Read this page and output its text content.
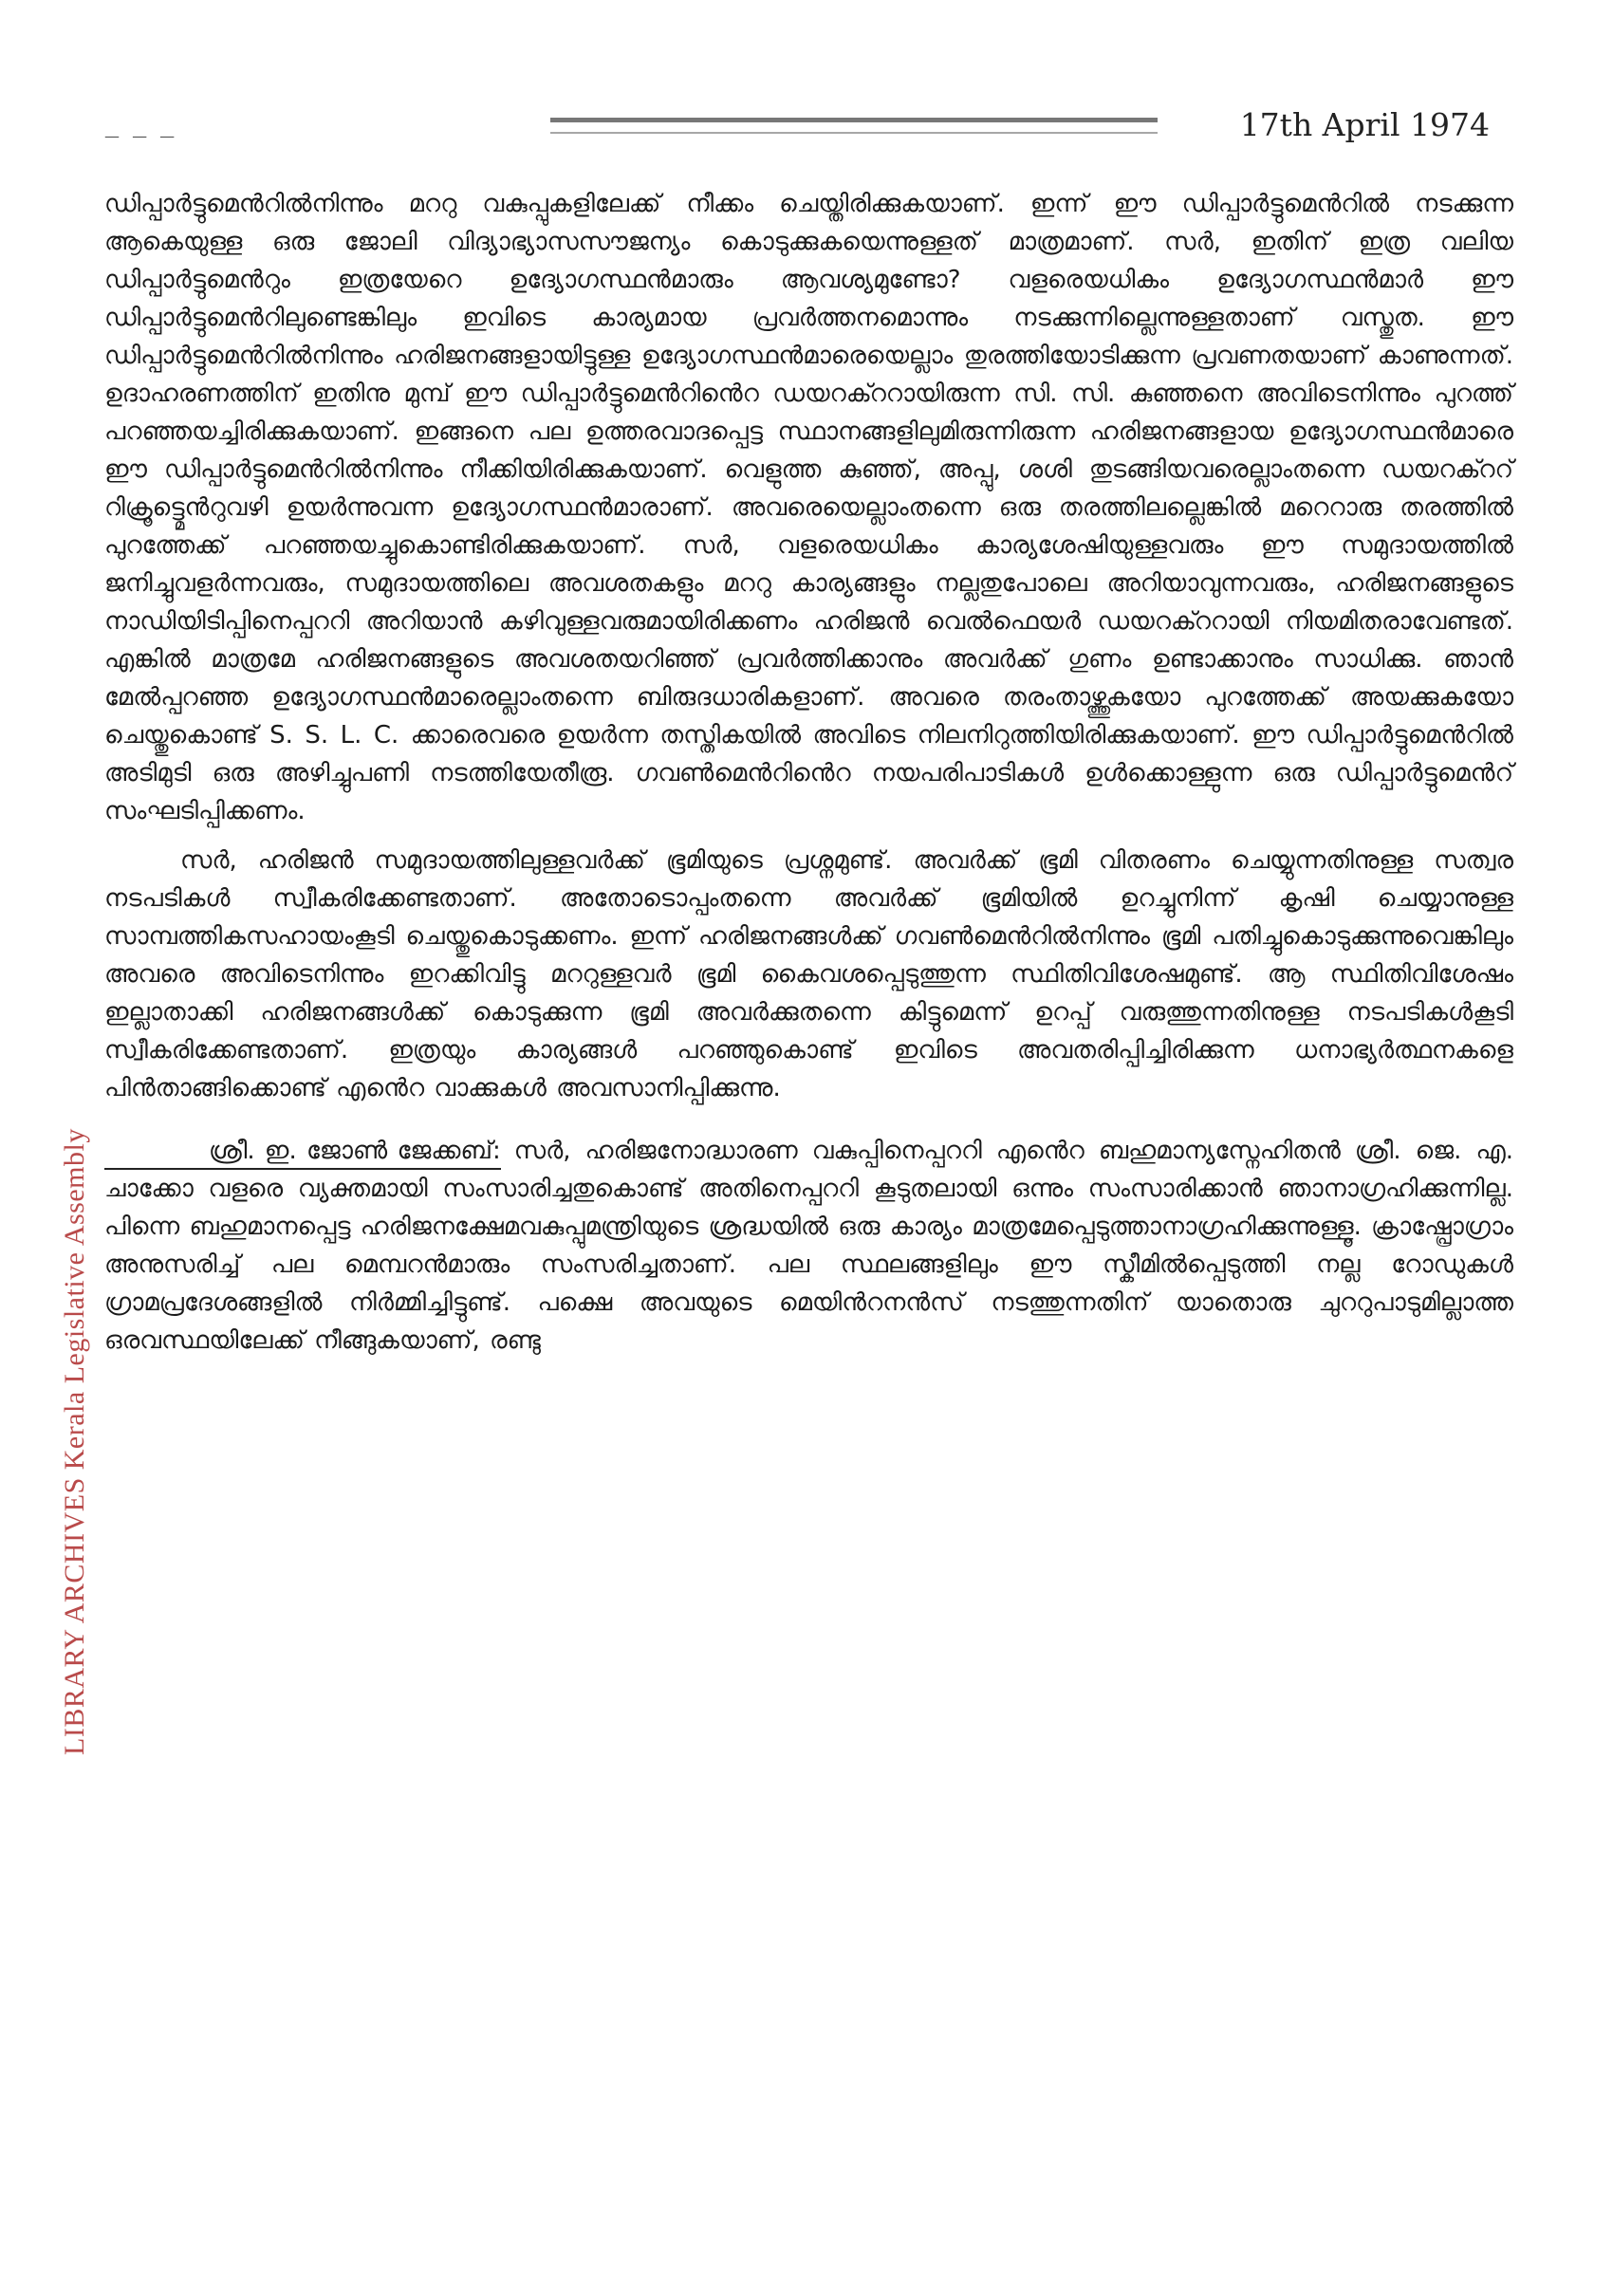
— — —	17th April 1974
LIBRARY ARCHIVES Kerala Legislative Assembly

ഡിപ്പാർട്ടുമെൻറിൽനിന്നും മററു വകുപ്പുകളിലേക്ക് നീക്കം ചെയ്തിരിക്കുകയാണ്. ഇന്ന് ഈ ഡിപ്പാർട്ടുമെൻറിൽ നടക്കുന്ന ആകെയുള്ള ഒരു ജോലി വിദ്യാഭ്യാസസൗജന്യം കൊടുക്കുകയെന്നുള്ളത് മാത്രമാണ്. സർ, ഇതിന് ഇത്ര വലിയ ഡിപ്പാർട്ടുമെൻറും ഇത്രയേറെ ഉദ്യോഗസ്ഥൻമാരും ആവശ്യമുണ്ടോ? വളരെയധികം ഉദ്യോഗസ്ഥൻമാർ ഈ ഡിപ്പാർട്ടുമെൻറിലുണ്ടെങ്കിലും ഇവിടെ കാര്യമായ പ്രവർത്തനമൊന്നും നടക്കുന്നില്ലെന്നുള്ളതാണ് വസ്തുത. ഈ ഡിപ്പാർട്ടുമെൻറിൽനിന്നും ഹരിജനങ്ങളായിട്ടുള്ള ഉദ്യോഗസ്ഥൻമാരെയെല്ലാം തുരത്തിയോടിക്കുന്ന പ്രവണതയാണ് കാണുന്നത്. ഉദാഹരണത്തിന് ഇതിനു മുമ്പ് ഈ ഡിപ്പാർട്ടുമെൻറിൻെറ ഡയറക്ററായിരുന്ന സി. സി. കുഞ്ഞനെ അവിടെനിന്നും പുറത്ത് പറഞ്ഞയച്ചിരിക്കുകയാണ്. ഇങ്ങനെ പല ഉത്തരവാദപ്പെട്ട സ്ഥാനങ്ങളിലുമിരുന്നിരുന്ന ഹരിജനങ്ങളായ ഉദ്യോഗസ്ഥൻമാരെ ഈ ഡിപ്പാർട്ടുമെൻറിൽനിന്നും നീക്കിയിരിക്കുകയാണ്. വെളുത്ത കുഞ്ഞ്, അപ്പു, ശശി തുടങ്ങിയവരെല്ലാംതന്നെ ഡയറക്ററ് റിക്രൂട്ട്മെൻറുവഴി ഉയർന്നുവന്ന ഉദ്യോഗസ്ഥൻമാരാണ്. അവരെയെല്ലാംതന്നെ ഒരു തരത്തിലല്ലെങ്കിൽ മറെറാരു തരത്തിൽ പുറത്തേക്ക് പറഞ്ഞയച്ചുകൊണ്ടിരിക്കുകയാണ്. സർ, വളരെയധികം കാര്യശേഷിയുള്ളവരും ഈ സമുദായത്തിൽ ജനിച്ചുവളർന്നവരും, സമുദായത്തിലെ അവശതകളും മററു കാര്യങ്ങളും നല്ലതുപോലെ അറിയാവുന്നവരും, ഹരിജനങ്ങളുടെ നാഡിയിടിപ്പിനെപ്പററി അറിയാൻ കഴിവുള്ളവരുമായിരിക്കണം ഹരിജൻ വെൽഫെയർ ഡയറക്ററായി നിയമിതരാവേണ്ടത്. എങ്കിൽ മാത്രമേ ഹരിജനങ്ങളുടെ അവശതയറിഞ്ഞ് പ്രവർത്തിക്കാനും അവർക്ക് ഗുണം ഉണ്ടാക്കാനും സാധിക്കു. ഞാൻ മേൽപ്പറഞ്ഞ ഉദ്യോഗസ്ഥൻമാരെല്ലാംതന്നെ ബിരുദധാരികളാണ്. അവരെ തരംതാഴ്ത്തുകയോ പുറത്തേക്ക് അയക്കുകയോ ചെയ്തുകൊണ്ട് S. S. L. C. ക്കാരെവരെ ഉയർന്ന തസ്തികയിൽ അവിടെ നിലനിറുത്തിയിരിക്കുകയാണ്. ഈ ഡിപ്പാർട്ടുമെൻറിൽ അടിമുടി ഒരു അഴിച്ചുപണി നടത്തിയേതീരൂ. ഗവൺമെൻറിൻെറ നയപരിപാടികൾ ഉൾക്കൊള്ളുന്ന ഒരു ഡിപ്പാർട്ടുമെൻറ് സംഘടിപ്പിക്കണം.

സർ, ഹരിജൻ സമുദായത്തിലുള്ളവർക്ക് ഭൂമിയുടെ പ്രശ്നമുണ്ട്. അവർക്ക് ഭൂമി വിതരണം ചെയ്യുന്നതിനുള്ള സത്വര നടപടികൾ സ്വീകരിക്കേണ്ടതാണ്. അതോടൊപ്പംതന്നെ അവർക്ക് ഭൂമിയിൽ ഉറച്ചുനിന്ന് കൃഷി ചെയ്യാനുള്ള സാമ്പത്തികസഹായംകൂടി ചെയ്തുകൊടുക്കണം. ഇന്ന് ഹരിജനങ്ങൾക്ക് ഗവൺമെൻറിൽനിന്നും ഭൂമി പതിച്ചുകൊടുക്കുന്നുവെങ്കിലും അവരെ അവിടെനിന്നും ഇറക്കിവിട്ടു മററുള്ളവർ ഭൂമി കൈവശപ്പെടുത്തുന്ന സ്ഥിതിവിശേഷമുണ്ട്. ആ സ്ഥിതിവിശേഷം ഇല്ലാതാക്കി ഹരിജനങ്ങൾക്ക് കൊടുക്കുന്ന ഭൂമി അവർക്കുതന്നെ കിട്ടുമെന്ന് ഉറപ്പ് വരുത്തുന്നതിനുള്ള നടപടികൾകൂടി സ്വീകരിക്കേണ്ടതാണ്. ഇത്രയും കാര്യങ്ങൾ പറഞ്ഞുകൊണ്ട് ഇവിടെ അവതരിപ്പിച്ചിരിക്കുന്ന ധനാഭ്യർത്ഥനകളെ പിൻതാങ്ങിക്കൊണ്ട് എൻെറ വാക്കുകൾ അവസാനിപ്പിക്കുന്നു.

ശ്രീ. ഇ. ജോൺ ജേക്കബ്: സർ, ഹരിജനോദ്ധാരണ വകുപ്പിനെപ്പററി എൻെറ ബഹുമാന്യസ്നേഹിതൻ ശ്രീ. ജെ. എ. ചാക്കോ വളരെ വ്യക്തമായി സംസാരിച്ചതുകൊണ്ട് അതിനെപ്പററി കൂടുതലായി ഒന്നും സംസാരിക്കാൻ ഞാനാഗ്രഹിക്കുന്നില്ല. പിന്നെ ബഹുമാനപ്പെട്ട ഹരിജനക്ഷേമവകുപ്പുമന്ത്രിയുടെ ശ്രദ്ധയിൽ ഒരു കാര്യം മാത്രമേപ്പെടുത്താനാഗ്രഹിക്കുന്നുള്ളൂ. ക്രാഷ്പ്രോഗ്രാം അനുസരിച്ച് പല മെമ്പറൻമാരും സംസരിച്ചതാണ്. പല സ്ഥലങ്ങളിലും ഈ സ്കീമിൽപ്പെടുത്തി നല്ല റോഡുകൾ ഗ്രാമപ്രദേശങ്ങളിൽ നിർമ്മിച്ചിട്ടുണ്ട്. പക്ഷെ അവയുടെ മെയിൻറനൻസ് നടത്തുന്നതിന് യാതൊരു ചുററുപാടുമില്ലാത്ത ഒരവസ്ഥയിലേക്ക് നീങ്ങുകയാണ്, രണ്ടു
